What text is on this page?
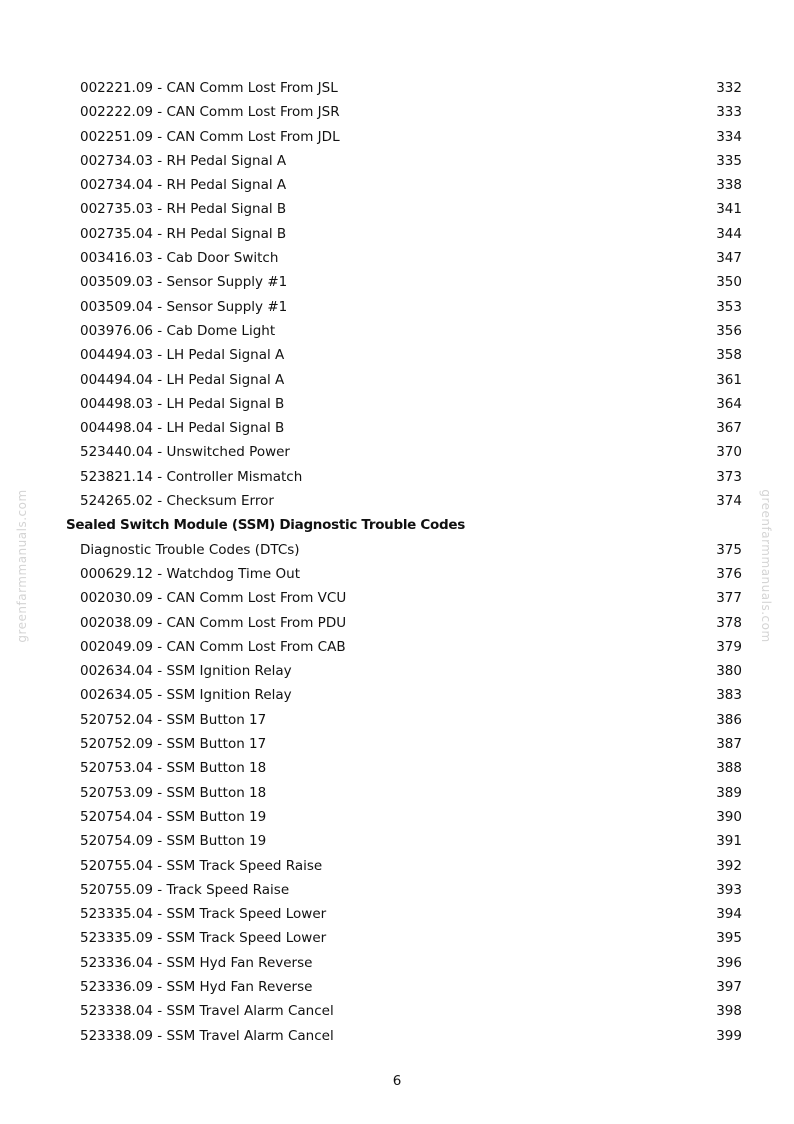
002221.09 - CAN Comm Lost From JSL	332
002222.09 - CAN Comm Lost From JSR	333
002251.09 - CAN Comm Lost From JDL	334
002734.03 - RH Pedal Signal A	335
002734.04 - RH Pedal Signal A	338
002735.03 - RH Pedal Signal B	341
002735.04 - RH Pedal Signal B	344
003416.03 - Cab Door Switch	347
003509.03 - Sensor Supply #1	350
003509.04 - Sensor Supply #1	353
003976.06 - Cab Dome Light	356
004494.03 - LH Pedal Signal A	358
004494.04 - LH Pedal Signal A	361
004498.03 - LH Pedal Signal B	364
004498.04 - LH Pedal Signal B	367
523440.04 - Unswitched Power	370
523821.14 - Controller Mismatch	373
524265.02 - Checksum Error	374
Sealed Switch Module (SSM) Diagnostic Trouble Codes
Diagnostic Trouble Codes (DTCs)	375
000629.12 - Watchdog Time Out	376
002030.09 - CAN Comm Lost From VCU	377
002038.09 - CAN Comm Lost From PDU	378
002049.09 - CAN Comm Lost From CAB	379
002634.04 - SSM Ignition Relay	380
002634.05 - SSM Ignition Relay	383
520752.04 - SSM Button 17	386
520752.09 - SSM Button 17	387
520753.04 - SSM Button 18	388
520753.09 - SSM Button 18	389
520754.04 - SSM Button 19	390
520754.09 - SSM Button 19	391
520755.04 - SSM Track Speed Raise	392
520755.09 - Track Speed Raise	393
523335.04 - SSM Track Speed Lower	394
523335.09 - SSM Track Speed Lower	395
523336.04 - SSM Hyd Fan Reverse	396
523336.09 - SSM Hyd Fan Reverse	397
523338.04 - SSM Travel Alarm Cancel	398
523338.09 - SSM Travel Alarm Cancel	399
6
greenfarmmanuals.com	greenfarmmanuals.com
